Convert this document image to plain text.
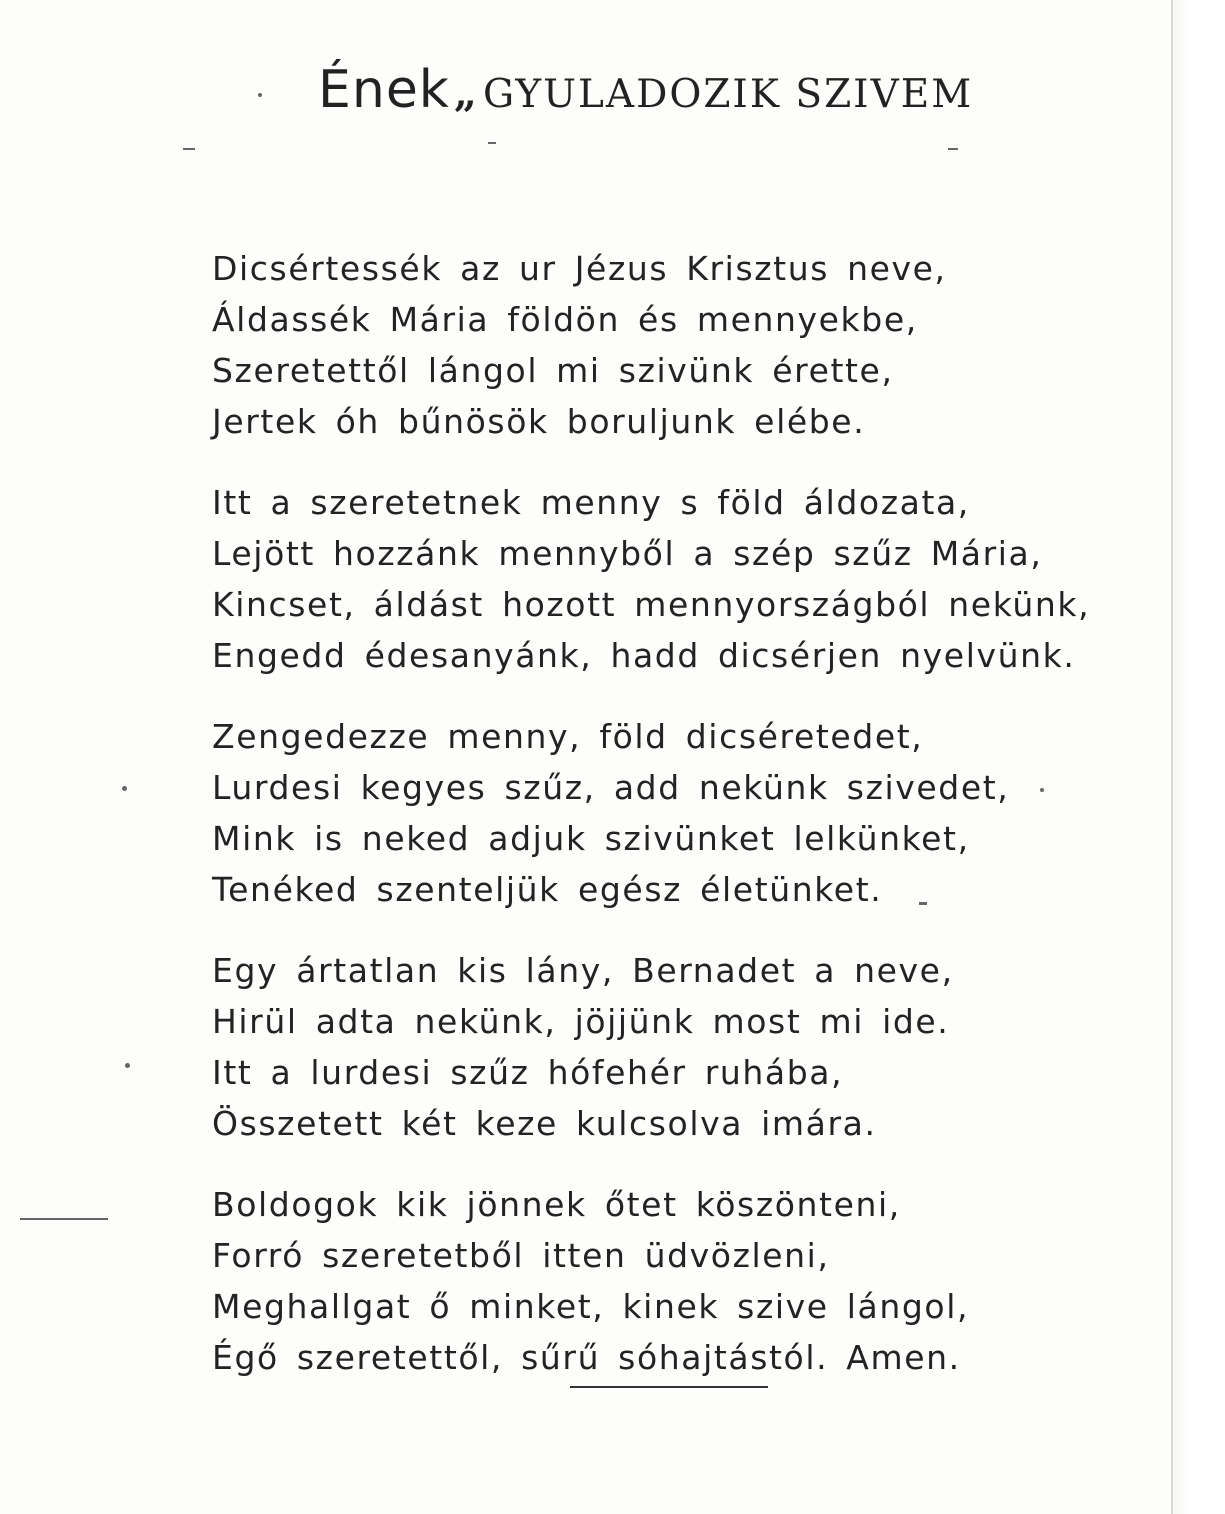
Ének „ GYULADOZIK SZIVEM
Dicsértessék az ur Jézus Krisztus neve,
Áldassék Mária földön és mennyekbe,
Szeretettől lángol mi szivünk érette,
Jertek óh bűnösök boruljunk elébe.
Itt a szeretetnek menny s föld áldozata,
Lejött hozzánk mennyből a szép szűz Mária,
Kincset, áldást hozott mennyországból nekünk,
Engedd édesanyánk, hadd dicsérjen nyelvünk.
Zengedezze menny, föld dicséretedet,
Lurdesi kegyes szűz, add nekünk szivedet,
Mink is neked adjuk szivünket lelkünket,
Tenéked szenteljük egész életünket.
Egy ártatlan kis lány, Bernadet a neve,
Hirül adta nekünk, jöjjünk most mi ide.
Itt a lurdesi szűz hófehér ruhába,
Összetett két keze kulcsolva imára.
Boldogok kik jönnek őtet köszönteni,
Forró szeretetből itten üdvözleni,
Meghallgat ő minket, kinek szive lángol,
Égő szeretettől, sűrű sóhajtástól. Amen.
